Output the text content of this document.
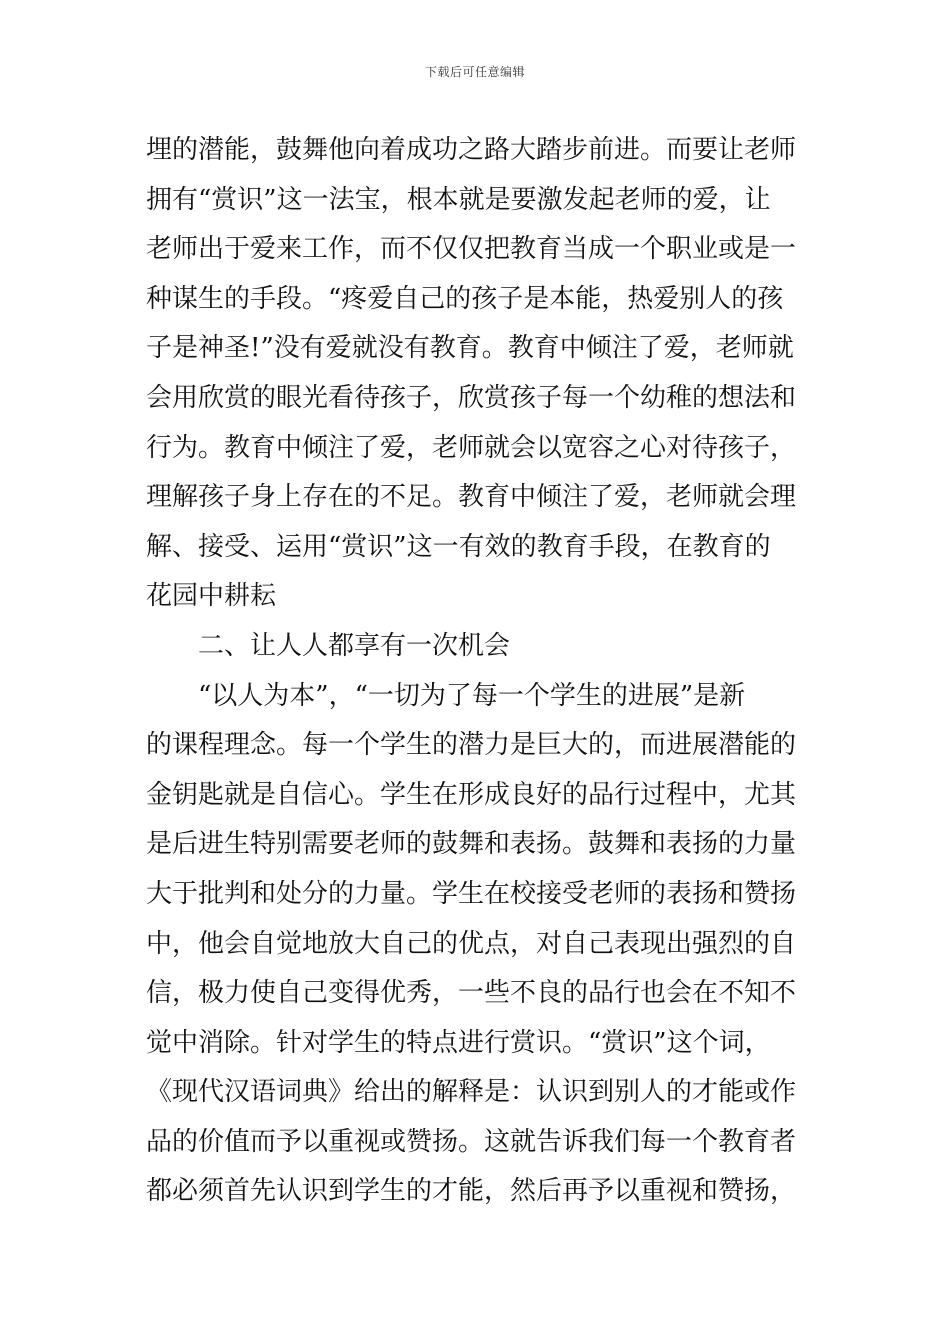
下载后可任意编辑
埋的潜能，鼓舞他向着成功之路大踏步前进。而要让老师
拥有“赏识”这一法宝，根本就是要激发起老师的爱，让
老师出于爱来工作，而不仅仅把教育当成一个职业或是一
种谋生的手段。“疼爱自己的孩子是本能，热爱别人的孩
子是神圣!”没有爱就没有教育。教育中倾注了爱，老师就
会用欣赏的眼光看待孩子，欣赏孩子每一个幼稚的想法和
行为。教育中倾注了爱，老师就会以宽容之心对待孩子，
理解孩子身上存在的不足。教育中倾注了爱，老师就会理
解、接受、运用“赏识”这一有效的教育手段，在教育的
花园中耕耘
二、让人人都享有一次机会
“以人为本”，“一切为了每一个学生的进展”是新
的课程理念。每一个学生的潜力是巨大的，而进展潜能的
金钥匙就是自信心。学生在形成良好的品行过程中，尤其
是后进生特别需要老师的鼓舞和表扬。鼓舞和表扬的力量
大于批判和处分的力量。学生在校接受老师的表扬和赞扬
中，他会自觉地放大自己的优点，对自己表现出强烈的自
信，极力使自己变得优秀，一些不良的品行也会在不知不
觉中消除。针对学生的特点进行赏识。“赏识”这个词，
《现代汉语词典》给出的解释是：认识到别人的才能或作
品的价值而予以重视或赞扬。这就告诉我们每一个教育者
都必须首先认识到学生的才能，然后再予以重视和赞扬，
